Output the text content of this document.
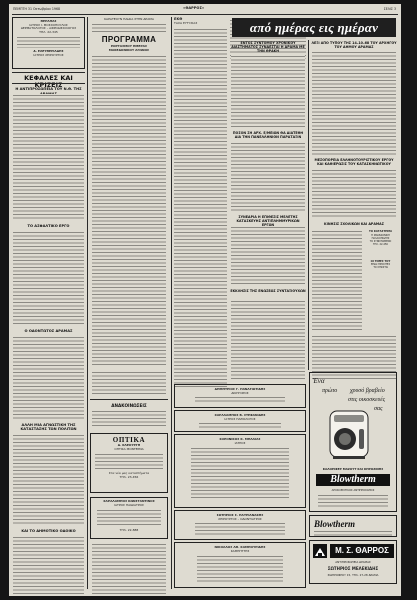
ΠΕΜΠΤΗ 31 Οκτωβρίου 1968	«ΘΑΡΡΟΣ»	ΣΕΛΙΣ 3
ΘΕΡΑΠΑΣ
ΙΑΤΡΟΣ Ι. ΜΟΣΧΟΠΟΥΛΟΣ
ΔΕΡΜΑΤΟΛΟΓΟΣ – ΑΦΡΟΔΙΣΙΟΛΟΓΟΣ
ΤΗΛ. 22-345
Δ. ΕΛΕΥΘΕΡΙΑΔΗΣ
ΙΑΤΡΟΣ ΧΕΙΡΟΥΡΓΟΣ
ΚΕΦΑΛΕΣ ΚΑΙ ΚΡΙΣΕΙΣ
Η ΑΝΤΙΠΡΟΣΩΠΕΙΑ ΤΟΥ Ν.Θ. ΤΗΣ
ΤΟ ΑΣΦΑΛΤΙΚΟ ΕΡΓΟ
Ο ΟΔΟΝΤΩΤΟΣ ΔΡΑΜΑΣ
ΑΛΛΗ ΜΙΑ ΑΓΝΩΣΤΙΚΗ ΤΗΣ ΚΑΤΑΣΤΑΣΗΣ ΤΩΝ ΠΟΛΙΤΩΝ
ΚΑΙ ΤΟ ΔΗΜΟΤΙΚΟ ΟΔΟΙΚΟ
ΚΑΡΑΤΕΟΥΝ ΠΑΙΔΙΑ ΣΤΗΝ ΔΡΑΜΑ
ΠΡΟΓΡΑΜΜΑ
ΕΟΡΤΑΣΜΟΥ ΗΜΕΡΑΣ
ΜΑΚΕΔΟΝΙΚΟΥ ΑΓΩΝΟΣ
ΑΝΑΚΟΙΝΩΣΕΙΣ
ΟΠΤΙΚΑ
Δ. ΚΛΕΟΥΡΓΗ
ΟΠΤΙΚΑ ΜΟΝΤΕΡΝΑ
Στα νέα μας καταστήματα
ΤΗΛ. 23-456
ΧΑΡΑΛΑΜΠΟΣ ΚΩΝΣΤΑΝΤΙΝΟΣ
ΙΑΤΡΟΣ ΠΑΙΔΙΑΤΡΟΣ
ΤΗΛ. 22-888
ΕΚΘ
ΤΑΧΑ ΕΥΤΥΧΙΑΣ
ΔΗΜΗΤΡΙΟΣ Γ. ΠΑΝΑΓΙΩΤΙΔΗΣ
ΔΙΚΗΓΟΡΟΣ
ΧΑΡΑΛΑΜΠΟΣ Β. ΣΤΕΦΑΝΙΔΗΣ
ΙΑΤΡΟΣ ΠΑΘΟΛΟΓΟΣ
ΚΛΕΟΝΙΚΟΣ Κ. ΜΠΑΛΙΑΣ
ΙΑΤΡΟΣ
ΣΩΤΗΡΙΟΣ Σ. ΠΑΥΡΙΑΝΑΚΗΣ
ΧΕΙΡΟΥΡΓΟΣ – ΟΔΟΝΤΙΑΤΡΟΣ
ΝΙΚΟΛΑΟΣ ΑΘ. ΚΑΜΠΟΥΡΙΔΗΣ
ΚΑΘΗΓΗΤΗΣ
από ημέρας εις ημέραν
ΕΝΤΟΣ ΣΥΝΤΟΜΟΥ ΧΡΟΝΙΚΟΥ ΔΙΑΣΤΗΜΑΤΟΣ ΣΥΝΔΕΣΤΑΙ Η ΔΡΑΜΑ ΜΕ ΤΗΝ ΘΡΑΚΗ
ΠΟΣΟΝ ΣΗ ΑΡΧ. Ε/ΜΕΙΩΝ ΘΑ ΔΙΑΤΕΘΗ ΔΙΑ ΤΗΝ ΠΑΝΕΛΛΗΝΙΟΝ ΠΑΡΑΤΑΞΙΝ
ΣΥΝΕΔΡΙΑ Η ΕΠΙΘΕΣΙΣ ΜΕΛΕΤΗΣ ΚΑΤΑΣΚΕΥΗΣ ΑΝΤΙΠΛΗΜΜΥΡΙΚΩΝ
ΕΚΚΛΗΣΙΣ ΤΗΣ ΕΝΩΣΕΩΣ ΣΥΝΤΑΞΙΟΥΧΩΝ
ΛΕΞΙ ΑΠΟ ΤΥΠΟΥ ΤΗΣ 14–10–68 ΤΟΥ ΑΡΧΗΓΟΥ ΤΟΥ ΔΗΜΟΥ ΔΡΑΜΑΣ
ΜΕΣΟΠΟΡΕΙΑ ΕΛΛΗΝΟΤΟΥΡΙΣΤΙΚΟΥ ΕΡΓΟΥ ΚΑΙ ΚΑΘΙΕΡΩΣΙΣ ΤΟΥ ΚΑΤΑΣΚΗΝΩΤΙΚΟΥ
ΚΙΝΗΣΙΣ ΣΧΟΛΙΚΩΝ ΚΑΙ ΔΡΑΜΑΣ
ΤΟ ΚΑΤΑΣΤΗΜΑ
Η ΜΑΚΕΔΟΝΙΚΗ ΠΑΛΑΙΟΠΩΛΗΣ
ΤΟ ΣΥΝΙΣΤΩΜΕΝΟ
ΤΗΛ. 22-456
ΟΙ ΤΙΜΕΣ ΤΟΥ
ΕΙΝΑΙ ΠΡΟΣΙΤΕΣ
ΤΟ ΣΥΝΙΣΤΩ
Ένα
πρώτο χρυσό βραβείο
στις οικοσκευές
σας
ΚΑΛΟΡΙΦΕΡ ΜΑΖΟΥΤ ΚΑΙ ΚΗΡΟΖΙΝΗΣ
Blowtherm
ΑΠΟΚΛΕΙΣΤΙΚΟΣ ΑΝΤΙΠΡΟΣΩΠΟΣ
Blowtherm
Μ. Σ. ΘΑΡΡΟΣ
ΑΝΤΙΠΡΟΣΩΠΕΙΑ ΔΡΑΜΑΣ
ΣΩΤΗΡΙΟΣ ΜΕΛΕΚΙΔΗΣ
ΣΙΔΗΡΟΦΡΟΥ 15, ΤΗΛ. 27-28 ΔΡΑΜΑ
